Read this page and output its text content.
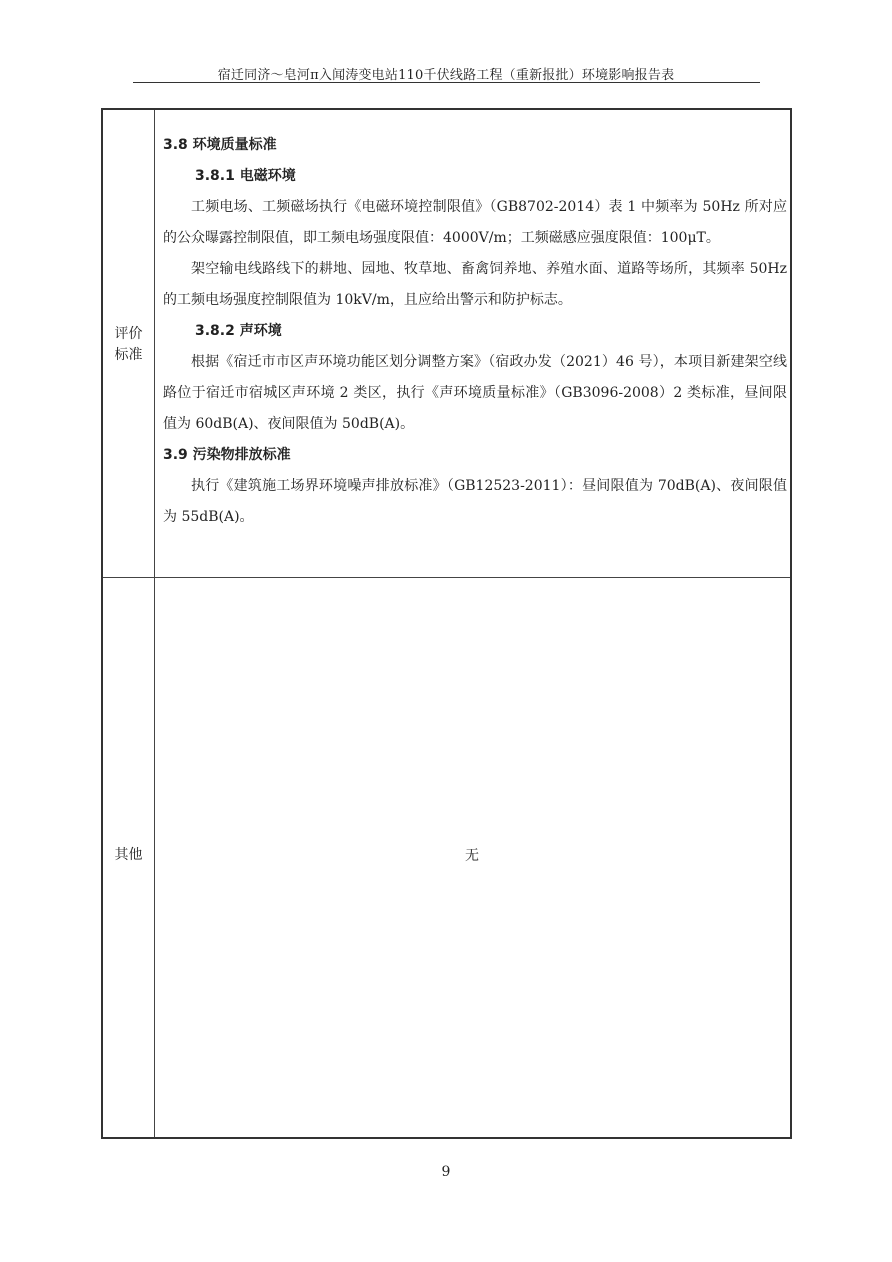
宿迁同济～皂河π入闻涛变电站110千伏线路工程（重新报批）环境影响报告表
评价
标准

3.8 环境质量标准

3.8.1 电磁环境

工频电场、工频磁场执行《电磁环境控制限值》（GB8702-2014）表 1 中频率为 50Hz 所对应的公众曝露控制限值，即工频电场强度限值：4000V/m；工频磁感应强度限值：100μT。

架空输电线路线下的耕地、园地、牧草地、畜禽饲养地、养殖水面、道路等场所，其频率 50Hz 的工频电场强度控制限值为 10kV/m，且应给出警示和防护标志。

3.8.2 声环境

根据《宿迁市市区声环境功能区划分调整方案》（宿政办发（2021）46 号），本项目新建架空线路位于宿迁市宿城区声环境 2 类区，执行《声环境质量标准》（GB3096-2008）2 类标准，昼间限值为 60dB(A)、夜间限值为 50dB(A)。

3.9 污染物排放标准

执行《建筑施工场界环境噪声排放标准》（GB12523-2011）：昼间限值为 70dB(A)、夜间限值为 55dB(A)。

其他	无
9
